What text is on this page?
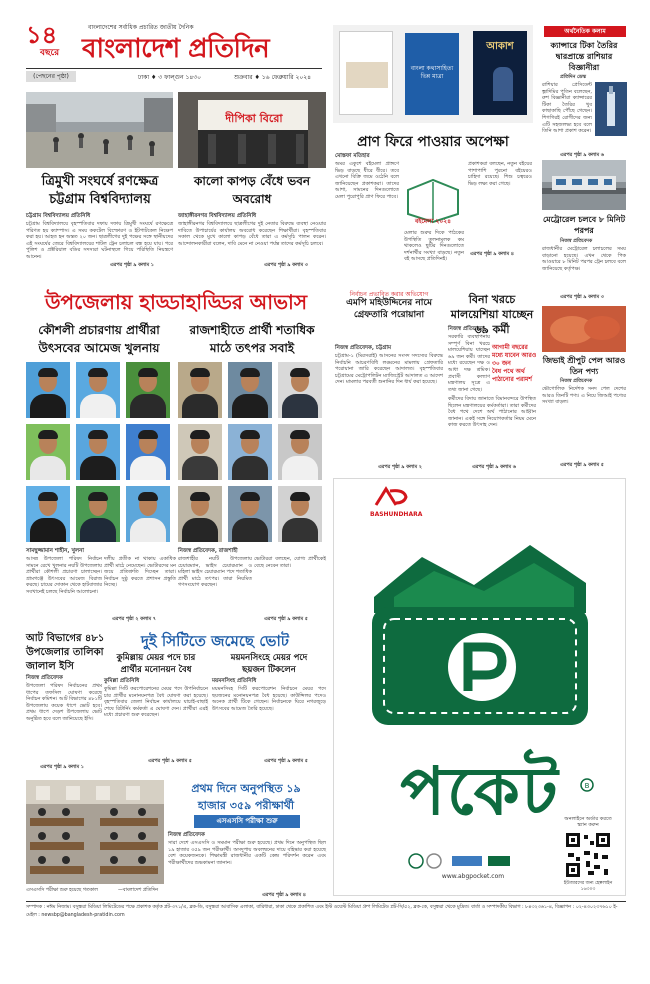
১৪
বছরে
বাংলাদেশের সর্বাধিক প্রচারিত জাতীয় দৈনিক
বাংলাদেশ প্রতিদিন
(পেছনের পৃষ্ঠা)	ঢাকা ♦ ৩ ফাল্গুন ১৪৩০	শুক্রবার ♦ ১৬ ফেব্রুয়ারি ২০২৪
দীপিকা বিরো
ত্রিমুখী সংঘর্ষে রণক্ষেত্র
চট্টগ্রাম বিশ্ববিদ্যালয়
কালো কাপড় বেঁধে ভবন অবরোধ
চট্টগ্রাম বিশ্ববিদ্যালয় প্রতিনিধি	জাহাঙ্গীরনগর বিশ্ববিদ্যালয় প্রতিনিধি
চট্টগ্রাম বিশ্ববিদ্যালয়ে বৃহস্পতিবার দফায় দফায় ত্রিমুখী সংঘর্ষে রণক্ষেত্রে পরিণত হয় ক্যাম্পাস। এ সময় ককটেল বিস্ফোরণ ও ইটপাটকেল নিক্ষেপ করা হয়। আহত হন অন্তত ২০ জন। ছাত্রলীগের দুই পক্ষের সঙ্গে স্থানীয়দের এই সংঘর্ষের জেরে বিশ্ববিদ্যালয়ের শাটল ট্রেন চলাচল বন্ধ হয়ে যায়। পরে পুলিশ ও প্রক্টরিয়াল বডির সদস্যরা ঘটনাস্থলে গিয়ে পরিস্থিতি নিয়ন্ত্রণে আনেন।
জাহাঙ্গীরনগর বিশ্ববিদ্যালয়ে ছাত্রলীগের দুই নেতার বিরুদ্ধে ব্যবস্থা নেওয়ার দাবিতে উপাচার্যের কার্যালয় অবরোধ করেছেন শিক্ষার্থীরা। বৃহস্পতিবার সকাল থেকে মুখে কালো কাপড় বেঁধে তারা এ কর্মসূচি পালন করেন। আন্দোলনকারীরা বলেন, দাবি মেনে না নেওয়া পর্যন্ত তাদের কর্মসূচি চলবে।
এরপর পৃষ্ঠা ৯ কলাম ১	এরপর পৃষ্ঠা ৯ কলাম ৩
বাংলা কথাসাহিত্য ভিন্ন মাত্রা
আকাশ
প্রাণ ফিরে পাওয়ার অপেক্ষা
মোস্তফা মতিহার
অমর একুশে বইমেলা প্রাঙ্গণে ভিড় বাড়ছে ধীরে ধীরে। তবে এখনো বিক্রি জমে ওঠেনি বলে জানিয়েছেন প্রকাশকরা। তাদের আশা, সামনের দিনগুলোতে মেলা পুরোপুরি প্রাণ ফিরে পাবে।
বইমেলা ২০২৪
মেলার শুরুর দিকে পাঠকের উপস্থিতি তুলনামূলক কম থাকলেও ছুটির দিনগুলোতে দর্শনার্থীর সংখ্যা বাড়ছে। নতুন বই আসছে প্রতিদিনই।
প্রকাশকরা বলছেন, নতুন বইয়ের পাশাপাশি পুরনো বইয়েরও চাহিদা রয়েছে। শিশু চত্বরেও ভিড় লক্ষ্য করা গেছে।
এরপর পৃষ্ঠা ৯ কলাম ৪
অর্থনৈতিক কলাম
ক্যান্সারে টিকা তৈরির দ্বারপ্রান্তে রাশিয়ার বিজ্ঞানীরা
প্রতিদিন ডেস্ক
রাশিয়ার প্রেসিডেন্ট ভ্লাদিমির পুতিন বলেছেন, রুশ বিজ্ঞানীরা ক্যান্সারের টিকা তৈরির খুব কাছাকাছি পৌঁছে গেছেন। শিগগিরই রোগীদের জন্য এটি সহজলভ্য হবে বলে তিনি আশা প্রকাশ করেন।
এরপর পৃষ্ঠা ৯ কলাম ৬
মেট্রোরেল চলবে ৮ মিনিট পরপর
নিজস্ব প্রতিবেদক
রাজধানীর মেট্রোরেল চলাচলের সময় বাড়ানো হয়েছে। এখন থেকে পিক আওয়ারে ৮ মিনিট পরপর ট্রেন চলবে বলে জানিয়েছে কর্তৃপক্ষ।
এরপর পৃষ্ঠা ৯ কলাম ৩
জিভাই শ্রীপুট পেল আরও তিন পণ্য
নিজস্ব প্রতিবেদক
ভৌগোলিক নির্দেশক সনদ পেল দেশের আরও তিনটি পণ্য। এ নিয়ে জিআই পণ্যের সংখ্যা বাড়ল।
এরপর পৃষ্ঠা ৯ কলাম ৫
উপজেলায় হাড্ডাহাড্ডির আভাস
কৌশলী প্রচারণায় প্রার্থীরা
উৎসবের আমেজ খুলনায়
রাজশাহীতে প্রার্থী শতাধিক
মাঠে তৎপর সবাই
সামছুজ্জামান শাহীন, খুলনা	নিজস্ব প্রতিবেদক, রাজশাহী
আসন্ন উপজেলা পরিষদ নির্বাচন সামনে রেখে খুলনার নয়টি উপজেলায় প্রার্থীরা কৌশলী প্রচারণা চালাচ্ছেন। গ্রামগঞ্জে উৎসবের আমেজ বিরাজ করছে। চায়ের দোকান থেকে হাটবাজার সবখানেই চলছে নির্বাচনি আলোচনা।
দলীয় প্রতীক না থাকায় একাধিক প্রার্থী মাঠে নেমেছেন। ভোটারদের মন জয়ে প্রতিশ্রুতি দিচ্ছেন তারা। নির্বাচন সুষ্ঠু করতে প্রশাসন প্রস্তুতি নিচ্ছে।
রাজশাহীর নয়টি উপজেলায় চেয়ারম্যান, ভাইস চেয়ারম্যান ও মহিলা ভাইস চেয়ারম্যান পদে শতাধিক প্রার্থী মাঠে তৎপর। তারা নিয়মিত গণসংযোগ করছেন।
ভোটাররা বলছেন, যোগ্য প্রার্থীকেই বেছে নেবেন তারা।
এরপর পৃষ্ঠা ২ কলাম ৭	এরপর পৃষ্ঠা ৯ কলাম ৫
নির্বাচন প্রভাবিত করার অভিযোগ
এমপি মহিউদ্দিনের নামে গ্রেফতারি পরোয়ানা
নিজস্ব প্রতিবেদক, চট্টগ্রাম
চট্টগ্রাম-১ (মিরসরাই) আসনের সংসদ সদস্যের বিরুদ্ধে নির্বাচনি আচরণবিধি লঙ্ঘনের মামলায় গ্রেফতারি পরোয়ানা জারি করেছেন আদালত। বৃহস্পতিবার চট্টগ্রামের মেট্রোপলিটন ম্যাজিস্ট্রেট আদালত এ আদেশ দেন। মামলার পরবর্তী শুনানির দিন ধার্য করা হয়েছে।
এরপর পৃষ্ঠা ৯ কলাম ২
বিনা খরচে মালয়েশিয়া যাচ্ছেন ৬৯ কর্মী
নিজস্ব প্রতিবেদক
সরকারি ব্যবস্থাপনায় সম্পূর্ণ বিনা খরচে মালয়েশিয়ায় যাচ্ছেন ৬৯ জন কর্মী। তাদের মধ্যে রয়েছেন দক্ষ ও আধা দক্ষ শ্রমিক। প্রবাসী কল্যাণ মন্ত্রণালয় সূত্রে এ তথ্য জানা গেছে।
আগামী বছরের মধ্যে যাবেন আরও ৩০ জন
বৈধ পথে অর্থ পাঠানোর পরামর্শ
কর্মীদের বিদায় জানাতে বিমানবন্দরে উপস্থিত ছিলেন মন্ত্রণালয়ের কর্মকর্তারা। তারা কর্মীদের বৈধ পথে দেশে অর্থ পাঠানোর আহ্বান জানান। একই সঙ্গে নিয়োগকর্তার নিয়ম মেনে কাজ করতে উৎসাহ দেন।
এরপর পৃষ্ঠা ৯ কলাম ৬
আট বিভাগের ৪৮১
উপজেলার তালিকা
জালাল ইসি
নিজস্ব প্রতিবেদক
উপজেলা পরিষদ নির্বাচনের প্রথম ধাপের তফসিল ঘোষণা করেছে নির্বাচন কমিশন। আট বিভাগের ৪৮১টি উপজেলায় কয়েক ধাপে ভোট হবে। প্রথম ধাপে দেড়শ উপজেলায় ভোট অনুষ্ঠিত হবে বলে জানিয়েছে ইসি।
এরপর পৃষ্ঠা ৯ কলাম ১
দুই সিটিতে জমেছে ভোট
কুমিল্লায় মেয়র পদে চার
প্রার্থীর মনোনয়ন বৈধ
ময়মনসিংহে মেয়র পদে
ছয়জন টিকলেন
কুমিল্লা প্রতিনিধি	ময়মনসিংহ প্রতিনিধি
কুমিল্লা সিটি করপোরেশনের মেয়র পদে উপনির্বাচনে চার প্রার্থীর মনোনয়নপত্র বৈধ ঘোষণা করা হয়েছে। বৃহস্পতিবার জেলা নির্বাচন কার্যালয়ে যাচাই-বাছাই শেষে রিটার্নিং কর্মকর্তা এ ঘোষণা দেন। প্রার্থীরা এরই মধ্যে প্রচারণা শুরু করেছেন।
ময়মনসিংহ সিটি করপোরেশন নির্বাচনে মেয়র পদে ছয়জনের মনোনয়নপত্র বৈধ হয়েছে। কাউন্সিলর পদেও অনেক প্রার্থী টিকে গেছেন। নির্বাচনকে ঘিরে নগরজুড়ে উৎসবের আমেজ তৈরি হয়েছে।
এরপর পৃষ্ঠা ৯ কলাম ৫	এরপর পৃষ্ঠা ৯ কলাম ৫
প্রথম দিনে অনুপস্থিত ১৯
হাজার ৩৫৯ পরীক্ষার্থী
এসএসসি পরীক্ষা শুরু
নিজস্ব প্রতিবেদক
সারা দেশে এসএসসি ও সমমান পরীক্ষা শুরু হয়েছে। প্রথম দিনে অনুপস্থিত ছিল ১৯ হাজার ৩৫৯ জন পরীক্ষার্থী। অসদুপায় অবলম্বনের দায়ে বহিষ্কার করা হয়েছে বেশ কয়েকজনকে। শিক্ষামন্ত্রী রাজধানীর একটি কেন্দ্র পরিদর্শন করেন এবং পরীক্ষার্থীদের শুভকামনা জানান।
এরপর পৃষ্ঠা ৯ কলাম ৪
এসএসসি পরীক্ষা শুরু হয়েছে গতকাল	—বাংলাদেশ প্রতিদিন
BASHUNDHARA
B
পকেট
www.abgpocket.com
অনলাইনে অর্ডার করতে স্ক্যান করুন
ইউজারদের জন্য হেল্পলাইন ১৬৩০৩
সম্পাদক : নঈম নিজাম। বসুন্ধরা মিডিয়া লিমিটেডের পক্ষে প্রকাশক কর্তৃক প্লট-৩৭১/এ, ব্লক-ডি, বসুন্ধরা আবাসিক এলাকা, বারিধারা, ঢাকা থেকে প্রকাশিত এবং ইস্ট ওয়েস্ট মিডিয়া গ্রুপ লিমিটেড প্লট-সি/৫২, ব্লক-কে, বসুন্ধরা থেকে মুদ্রিত। বার্তা ও সম্পাদকীয় বিভাগ : ৮৪৩২৩৬১-৪, বিজ্ঞাপন : ০২-৪৩০২৩৭৬১০ ই-মেইল : newsbp@bangladesh-pratidin.com
